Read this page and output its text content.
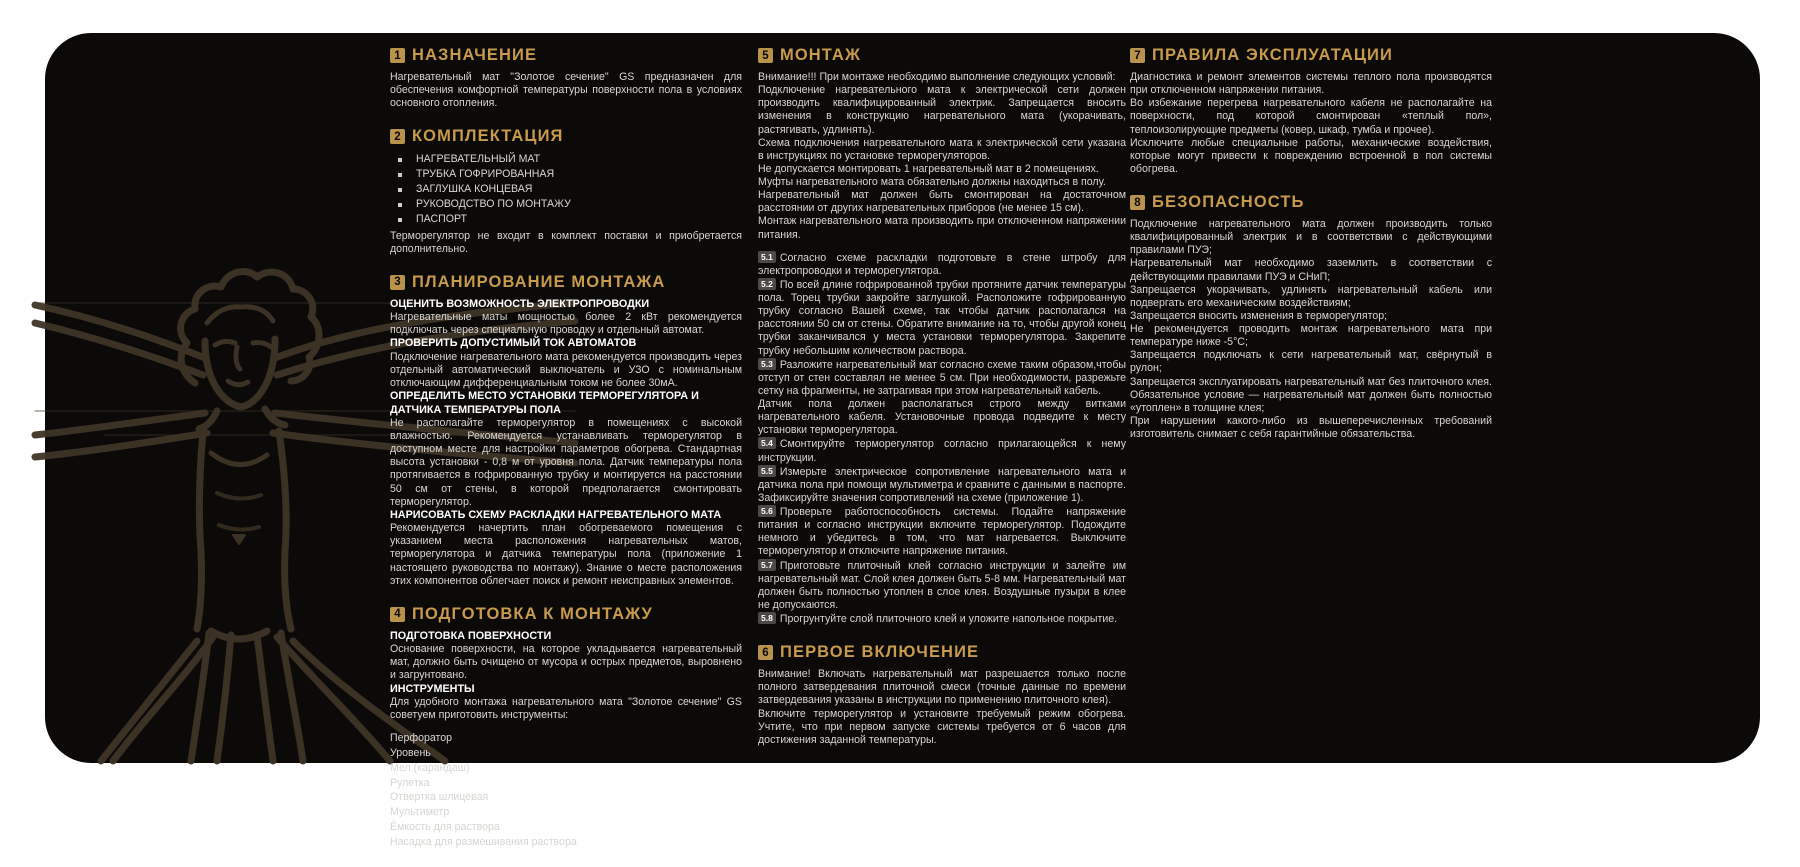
1 НАЗНАЧЕНИЕ

Нагревательный мат "Золотое сечение" GS предназначен для обеспечения комфортной температуры поверхности пола в условиях основного отопления.

2 КОМПЛЕКТАЦИЯ
НАГРЕВАТЕЛЬНЫЙ МАТ
ТРУБКА ГОФРИРОВАННАЯ
ЗАГЛУШКА КОНЦЕВАЯ
РУКОВОДСТВО ПО МОНТАЖУ
ПАСПОРТ

Терморегулятор не входит в комплект поставки и приобретается дополнительно.

3 ПЛАНИРОВАНИЕ МОНТАЖА
ОЦЕНИТЬ ВОЗМОЖНОСТЬ ЭЛЕКТРОПРОВОДКИ

Нагревательные маты мощностью более 2 кВт рекомендуется подключать через специальную проводку и отдельный автомат.

ПРОВЕРИТЬ ДОПУСТИМЫЙ ТОК АВТОМАТОВ

Подключение нагревательного мата рекомендуется производить через отдельный автоматический выключатель и УЗО с номинальным отключающим дифференциальным током не более 30мА.

ОПРЕДЕЛИТЬ МЕСТО УСТАНОВКИ ТЕРМОРЕГУЛЯТОРА И ДАТЧИКА ТЕМПЕРАТУРЫ ПОЛА

Не располагайте терморегулятор в помещениях с высокой влажностью. Рекомендуется устанавливать терморегулятор в доступном месте для настройки параметров обогрева. Стандартная высота установки - 0,8 м от уровня пола. Датчик температуры пола протягивается в гофрированную трубку и монтируется на расстоянии 50 см от стены, в которой предполагается смонтировать терморегулятор.

НАРИСОВАТЬ СХЕМУ РАСКЛАДКИ НАГРЕВАТЕЛЬНОГО МАТА

Рекомендуется начертить план обогреваемого помещения с указанием места расположения нагревательных матов, терморегулятора и датчика температуры пола (приложение 1 настоящего руководства по монтажу). Знание о месте расположения этих компонентов облегчает поиск и ремонт неисправных элементов.

4 ПОДГОТОВКА К МОНТАЖУ
ПОДГОТОВКА ПОВЕРХНОСТИ

Основание поверхности, на которое укладывается нагревательный мат, должно быть очищено от мусора и острых предметов, выровнено и загрунтовано.

ИНСТРУМЕНТЫ

Для удобного монтажа нагревательного мата "Золотое сечение" GS советуем приготовить инструменты:

Перфоратор
Уровень
Мел (карандаш)
Рулетка
Отвертка шлицевая
Мультиметр
Ёмкость для раствора
Насадка для размешивания раствора
5 МОНТАЖ

Внимание!!! При монтаже необходимо выполнение следующих условий:

Подключение нагревательного мата к электрической сети должен производить квалифицированный электрик. Запрещается вносить изменения в конструкцию нагревательного мата (укорачивать, растягивать, удлинять).

Схема подключения нагревательного мата к электрической сети указана в инструкциях по установке терморегуляторов.

Не допускается монтировать 1 нагревательный мат в 2 помещениях.

Муфты нагревательного мата обязательно должны находиться в полу.

Нагревательный мат должен быть смонтирован на достаточном расстоянии от других нагревательных приборов (не менее 15 см).

Монтаж нагревательного мата производить при отключенном напряжении питания.

5.1 Согласно схеме раскладки подготовьте в стене штробу для электропроводки и терморегулятора.

5.2 По всей длине гофрированной трубки протяните датчик температуры пола. Торец трубки закройте заглушкой. Расположите гофрированную трубку согласно Вашей схеме, так чтобы датчик располагался на расстоянии 50 см от стены. Обратите внимание на то, чтобы другой конец трубки заканчивался у места установки терморегулятора. Закрепите трубку небольшим количеством раствора.

5.3 Разложите нагревательный мат согласно схеме таким образом,чтобы отступ от стен составлял не менее 5 см. При необходимости, разрежьте сетку на фрагменты, не затрагивая при этом нагревательный кабель.

Датчик пола должен располагаться строго между витками нагревательного кабеля. Установочные провода подведите к месту установки терморегулятора.

5.4 Смонтируйте терморегулятор согласно прилагающейся к нему инструкции.

5.5 Измерьте электрическое сопротивление нагревательного мата и датчика пола при помощи мультиметра и сравните с данными в паспорте. Зафиксируйте значения сопротивлений на схеме (приложение 1).

5.6 Проверьте работоспособность системы. Подайте напряжение питания и согласно инструкции включите терморегулятор. Подождите немного и убедитесь в том, что мат нагревается. Выключите терморегулятор и отключите напряжение питания.

5.7 Приготовьте плиточный клей согласно инструкции и залейте им нагревательный мат. Слой клея должен быть 5-8 мм. Нагревательный мат должен быть полностью утоплен в слое клея. Воздушные пузыри в клее не допускаются.

5.8 Прогрунтуйте слой плиточного клей и уложите напольное покрытие.

6 ПЕРВОЕ ВКЛЮЧЕНИЕ

Внимание! Включать нагревательный мат разрешается только после полного затвердевания плиточной смеси (точные данные по времени затвердевания указаны в инструкции по применению плиточного клея).

Включите терморегулятор и установите требуемый режим обогрева. Учтите, что при первом запуске системы требуется от 6 часов для достижения заданной температуры.

7 ПРАВИЛА ЭКСПЛУАТАЦИИ

Диагностика и ремонт элементов системы теплого пола производятся при отключенном напряжении питания.

Во избежание перегрева нагревательного кабеля не располагайте на поверхности, под которой смонтирован «теплый пол», теплоизолирующие предметы (ковер, шкаф, тумба и прочее).

Исключите любые специальные работы, механические воздействия, которые могут привести к повреждению встроенной в пол системы обогрева.

8 БЕЗОПАСНОСТЬ

Подключение нагревательного мата должен производить только квалифицированный электрик и в соответствии с действующими правилами ПУЭ;

Нагревательный мат необходимо заземлить в соответствии с действующими правилами ПУЭ и СНиП;

Запрещается укорачивать, удлинять нагревательный кабель или подвергать его механическим воздействиям;

Запрещается вносить изменения в терморегулятор;

Не рекомендуется проводить монтаж нагревательного мата при температуре ниже -5°С;

Запрещается подключать к сети нагревательный мат, свёрнутый в рулон;

Запрещается эксплуатировать нагревательный мат без плиточного клея. Обязательное условие — нагревательный мат должен быть полностью «утоплен» в толщине клея;

При нарушении какого-либо из вышеперечисленных требований изготовитель снимает с себя гарантийные обязательства.
